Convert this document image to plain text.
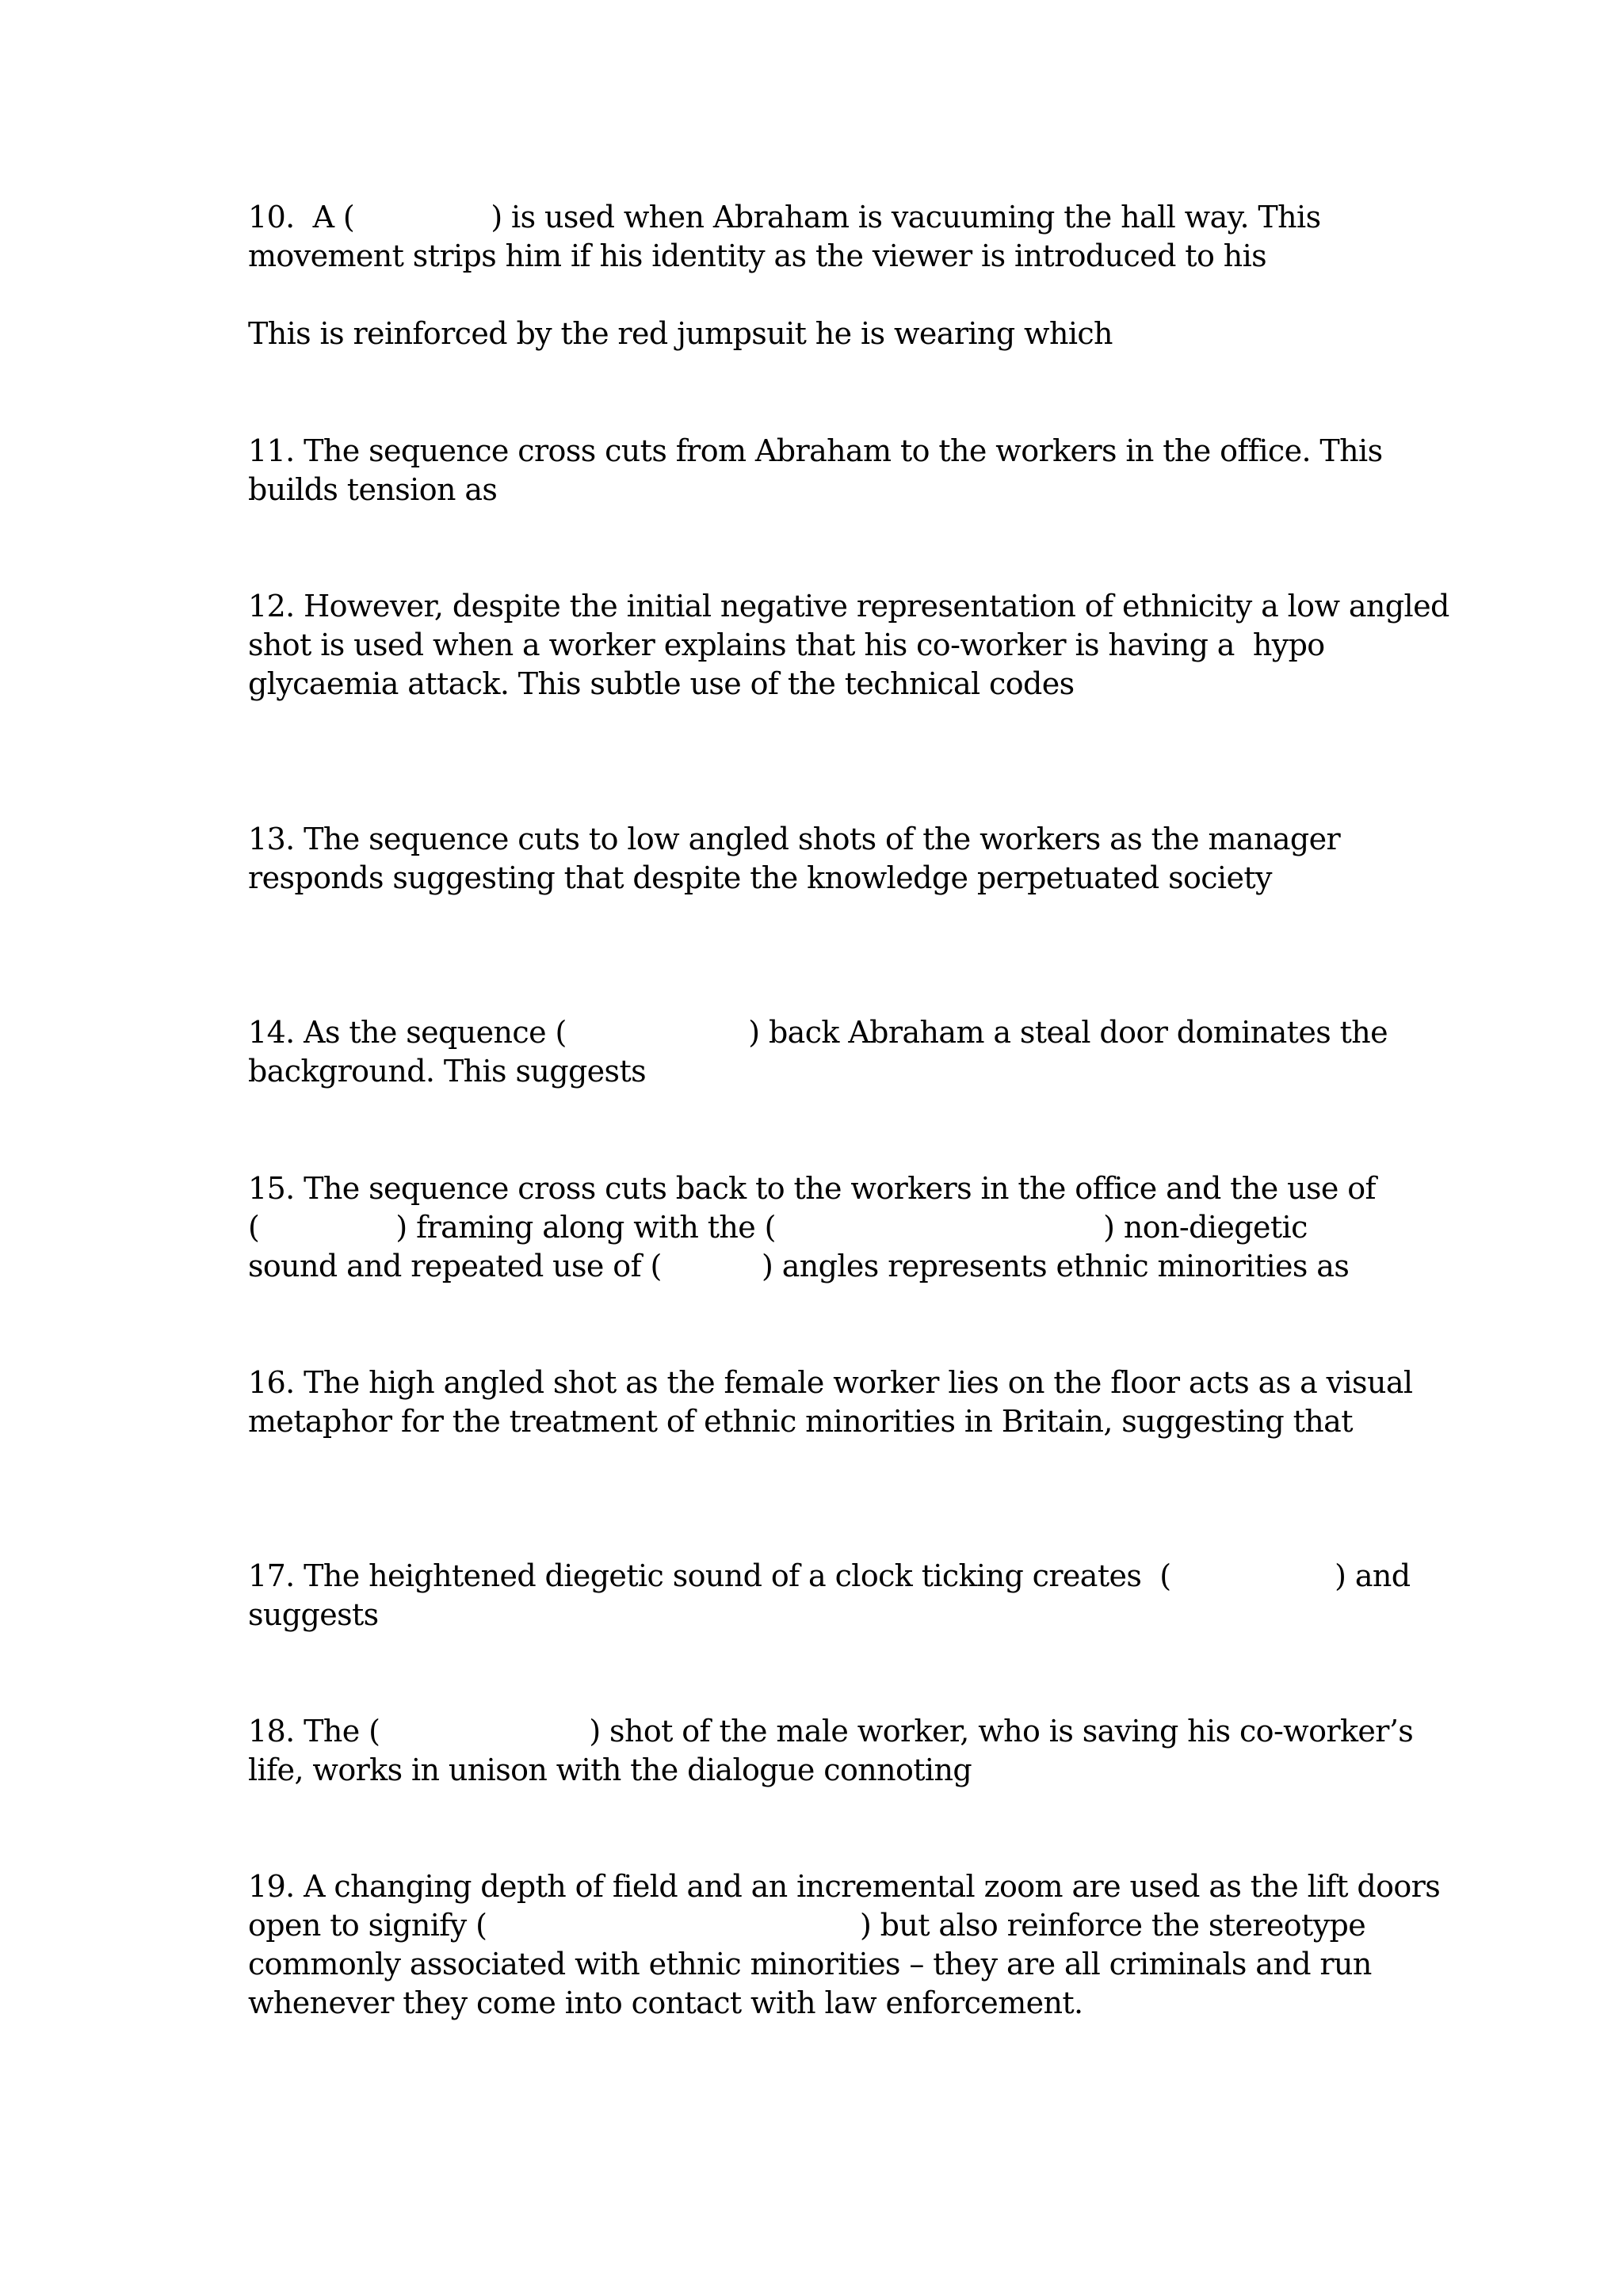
10.  A (               ) is used when Abraham is vacuuming the hall way. This
movement strips him if his identity as the viewer is introduced to his
This is reinforced by the red jumpsuit he is wearing which
11. The sequence cross cuts from Abraham to the workers in the office. This
builds tension as
12. However, despite the initial negative representation of ethnicity a low angled
shot is used when a worker explains that his co-worker is having a  hypo
glycaemia attack. This subtle use of the technical codes
13. The sequence cuts to low angled shots of the workers as the manager
responds suggesting that despite the knowledge perpetuated society
14. As the sequence (                    ) back Abraham a steal door dominates the
background. This suggests
15. The sequence cross cuts back to the workers in the office and the use of
(               ) framing along with the (                                    ) non-diegetic
sound and repeated use of (           ) angles represents ethnic minorities as
16. The high angled shot as the female worker lies on the floor acts as a visual
metaphor for the treatment of ethnic minorities in Britain, suggesting that
17. The heightened diegetic sound of a clock ticking creates  (                  ) and
suggests
18. The (                       ) shot of the male worker, who is saving his co-worker’s
life, works in unison with the dialogue connoting
19. A changing depth of field and an incremental zoom are used as the lift doors
open to signify (                                         ) but also reinforce the stereotype
commonly associated with ethnic minorities – they are all criminals and run
whenever they come into contact with law enforcement.
